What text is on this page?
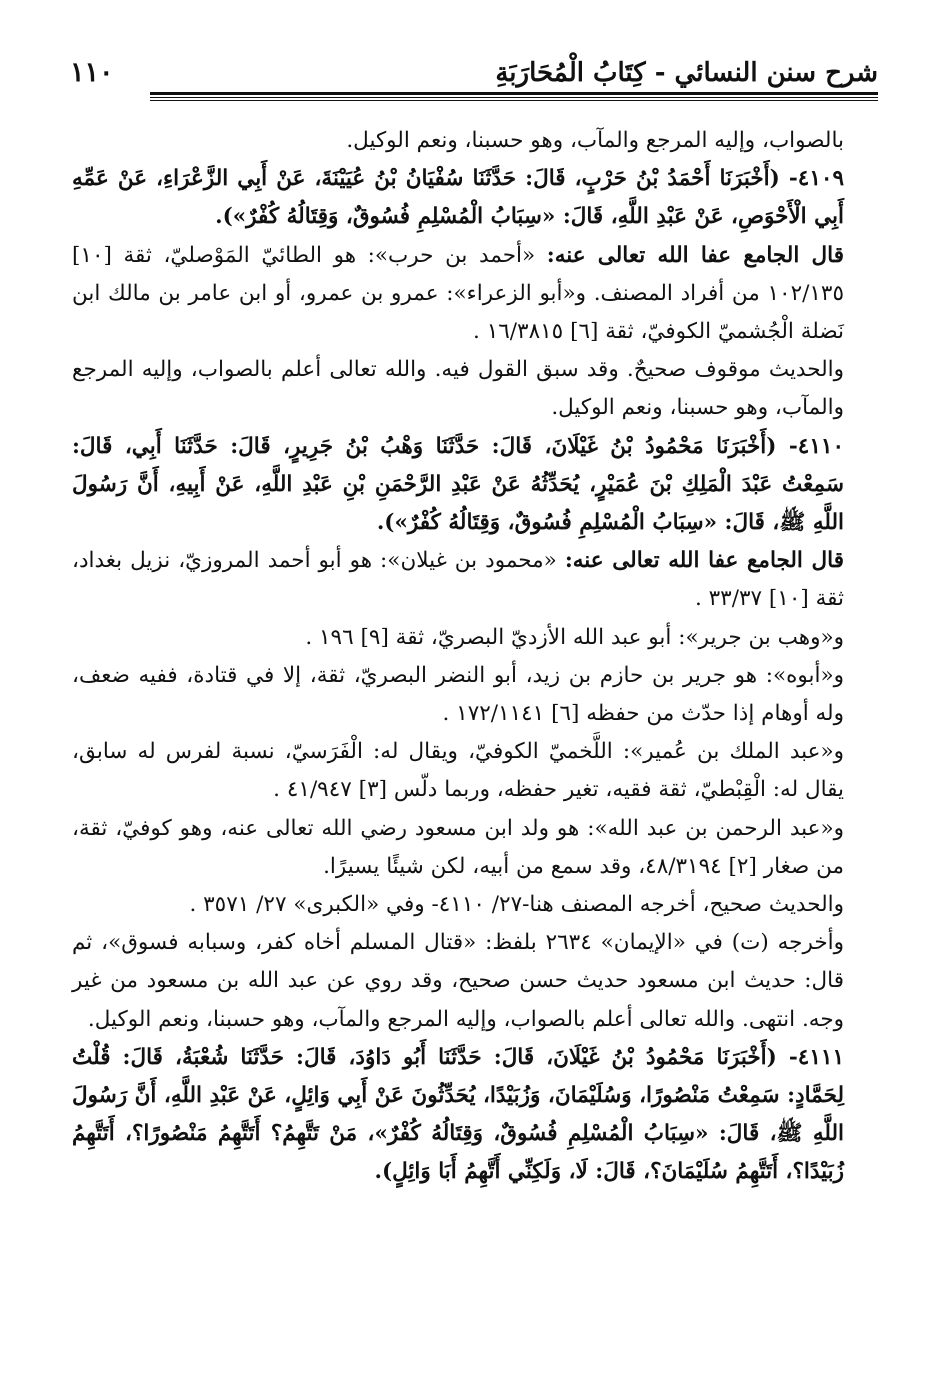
شرح سنن النسائي - كِتَابُ الْمُحَارَبَةِ
١١٠

بالصواب، وإليه المرجع والمآب، وهو حسبنا، ونعم الوكيل.

٤١٠٩- (أَخْبَرَنَا أَحْمَدُ بْنُ حَرْبٍ، قَالَ: حَدَّثَنَا سُفْيَانُ بْنُ عُيَيْنَةَ، عَنْ أَبِي الزَّعْرَاءِ، عَنْ عَمِّهِ أَبِي الْأَحْوَصِ، عَنْ عَبْدِ اللَّهِ، قَالَ: «سِبَابُ الْمُسْلِمِ فُسُوقٌ، وَقِتَالُهُ كُفْرٌ»).

قال الجامع عفا الله تعالى عنه: «أحمد بن حرب»: هو الطائيّ المَوْصليّ، ثقة [١٠] ١٠٢/١٣٥ من أفراد المصنف. و«أبو الزعراء»: عمرو بن عمرو، أو ابن عامر بن مالك ابن نَضلة الْجُشميّ الكوفيّ، ثقة [٦] ١٦/٣٨١٥ .

والحديث موقوف صحيحٌ. وقد سبق القول فيه. والله تعالى أعلم بالصواب، وإليه المرجع والمآب، وهو حسبنا، ونعم الوكيل.

٤١١٠- (أَخْبَرَنَا مَحْمُودُ بْنُ غَيْلَانَ، قَالَ: حَدَّثَنَا وَهْبُ بْنُ جَرِيرٍ، قَالَ: حَدَّثَنَا أَبِي، قَالَ: سَمِعْتُ عَبْدَ الْمَلِكِ بْنَ عُمَيْرٍ، يُحَدِّثُهُ عَنْ عَبْدِ الرَّحْمَنِ بْنِ عَبْدِ اللَّهِ، عَنْ أَبِيهِ، أَنَّ رَسُولَ اللَّهِ ﷺ، قَالَ: «سِبَابُ الْمُسْلِمِ فُسُوقٌ، وَقِتَالُهُ كُفْرٌ»).

قال الجامع عفا الله تعالى عنه: «محمود بن غيلان»: هو أبو أحمد المروزيّ، نزيل بغداد، ثقة [١٠] ٣٣/٣٧ .

و«وهب بن جرير»: أبو عبد الله الأزديّ البصريّ، ثقة [٩] ١٩٦ .

و«أبوه»: هو جرير بن حازم بن زيد، أبو النضر البصريّ، ثقة، إلا في قتادة، ففيه ضعف، وله أوهام إذا حدّث من حفظه [٦] ١٧٢/١١٤١ .

و«عبد الملك بن عُمير»: اللَّخميّ الكوفيّ، ويقال له: الْفَرَسيّ، نسبة لفرس له سابق، يقال له: الْقِبْطيّ، ثقة فقيه، تغير حفظه، وربما دلّس [٣] ٤١/٩٤٧ .

و«عبد الرحمن بن عبد الله»: هو ولد ابن مسعود رضي الله تعالى عنه، وهو كوفيّ، ثقة، من صغار [٢] ٤٨/٣١٩٤، وقد سمع من أبيه، لكن شيئًا يسيرًا.

والحديث صحيح، أخرجه المصنف هنا-٢٧/ ٤١١٠- وفي «الكبرى» ٢٧/ ٣٥٧١ .

وأخرجه (ت) في «الإيمان» ٢٦٣٤ بلفظ: «قتال المسلم أخاه كفر، وسبابه فسوق»، ثم قال: حديث ابن مسعود حديث حسن صحيح، وقد روي عن عبد الله بن مسعود من غير وجه. انتهى. والله تعالى أعلم بالصواب، وإليه المرجع والمآب، وهو حسبنا، ونعم الوكيل.

٤١١١- (أَخْبَرَنَا مَحْمُودُ بْنُ غَيْلَانَ، قَالَ: حَدَّثَنَا أَبُو دَاوُدَ، قَالَ: حَدَّثَنَا شُعْبَةُ، قَالَ: قُلْتُ لِحَمَّادٍ: سَمِعْتُ مَنْصُورًا، وَسُلَيْمَانَ، وَزُبَيْدًا، يُحَدِّثُونَ عَنْ أَبِي وَائِلٍ، عَنْ عَبْدِ اللَّهِ، أَنَّ رَسُولَ اللَّهِ ﷺ، قَالَ: «سِبَابُ الْمُسْلِمِ فُسُوقٌ، وَقِتَالُهُ كُفْرٌ»، مَنْ تَتَّهِمُ؟ أَتَتَّهِمُ مَنْصُورًا؟، أَتَتَّهِمُ زُبَيْدًا؟، أَتَتَّهِمُ سُلَيْمَانَ؟، قَالَ: لَا، وَلَكِنِّي أَتَّهِمُ أَبَا وَائِلٍ).
